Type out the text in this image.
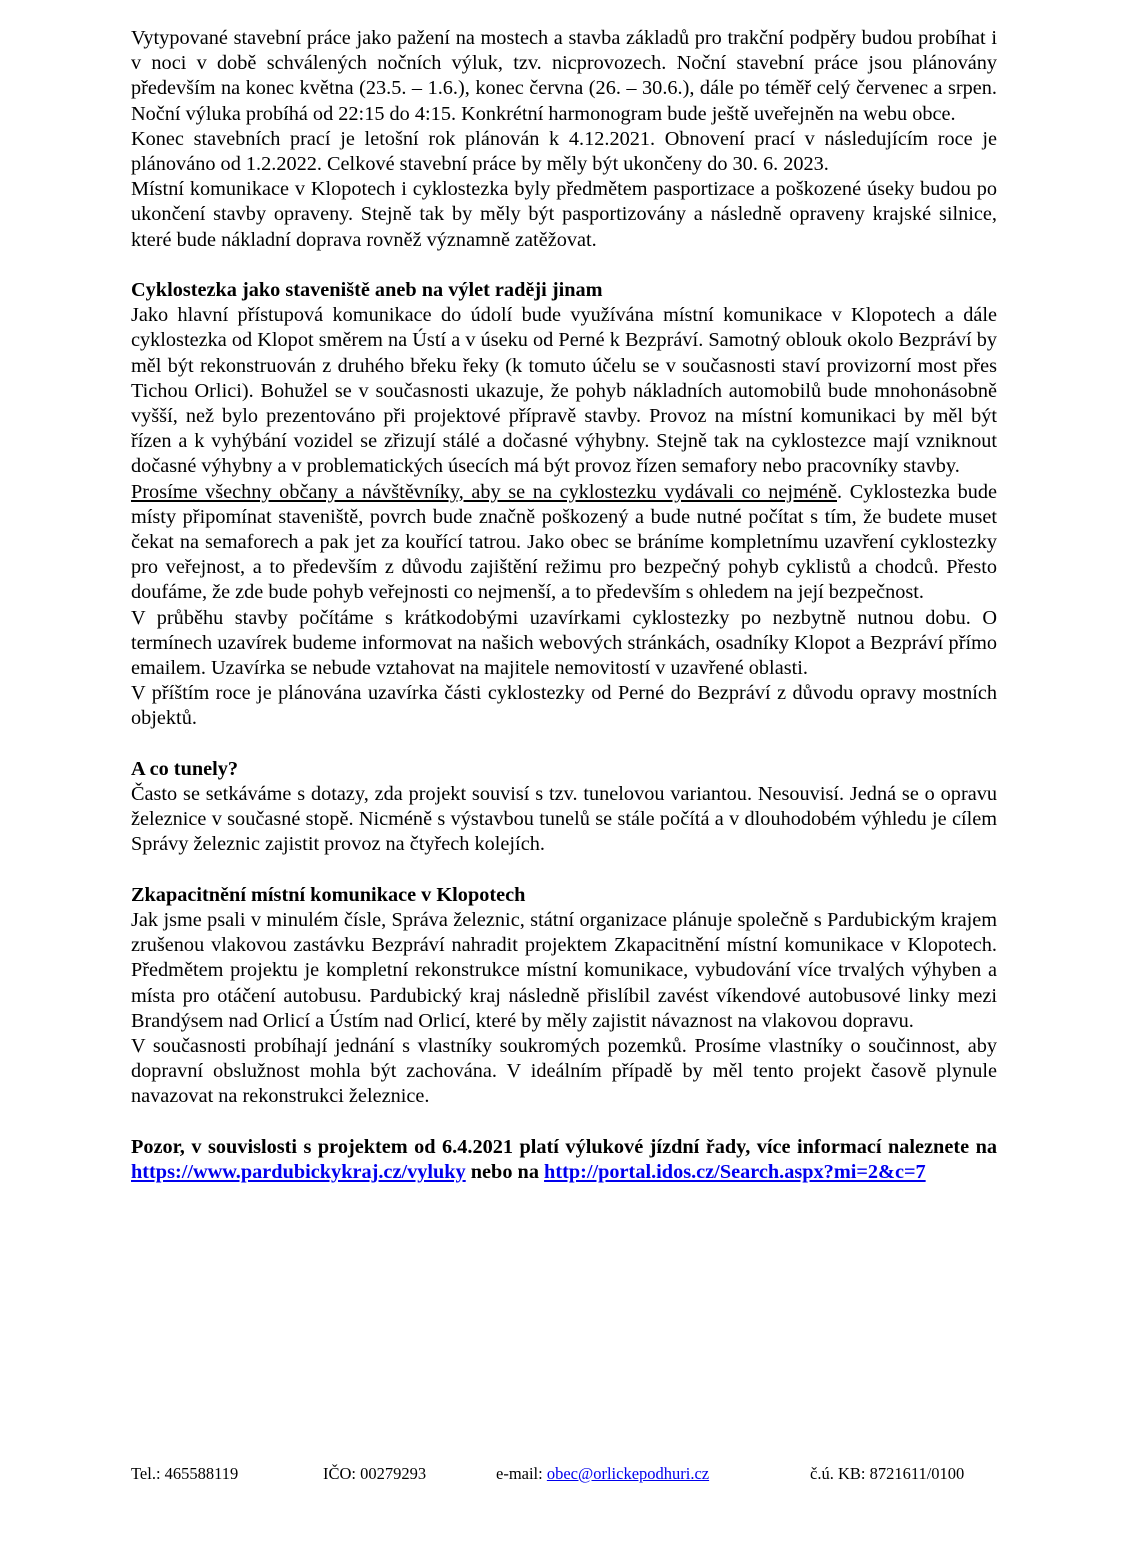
Vytypované stavební práce jako pažení na mostech a stavba základů pro trakční podpěry budou probíhat i v noci v době schválených nočních výluk, tzv. nicprovozech. Noční stavební práce jsou plánovány především na konec května (23.5. – 1.6.), konec června (26. – 30.6.), dále po téměř celý červenec a srpen. Noční výluka probíhá od 22:15 do 4:15. Konkrétní harmonogram bude ještě uveřejněn na webu obce.

Konec stavebních prací je letošní rok plánován k 4.12.2021. Obnovení prací v následujícím roce je plánováno od 1.2.2022. Celkové stavební práce by měly být ukončeny do 30. 6. 2023.

Místní komunikace v Klopotech i cyklostezka byly předmětem pasportizace a poškozené úseky budou po ukončení stavby opraveny. Stejně tak by měly být pasportizovány a následně opraveny krajské silnice, které bude nákladní doprava rovněž významně zatěžovat.

Cyklostezka jako staveniště aneb na výlet raději jinam

Jako hlavní přístupová komunikace do údolí bude využívána místní komunikace v Klopotech a dále cyklostezka od Klopot směrem na Ústí a v úseku od Perné k Bezpráví. Samotný oblouk okolo Bezpráví by měl být rekonstruován z druhého břeku řeky (k tomuto účelu se v současnosti staví provizorní most přes Tichou Orlici). Bohužel se v současnosti ukazuje, že pohyb nákladních automobilů bude mnohonásobně vyšší, než bylo prezentováno při projektové přípravě stavby. Provoz na místní komunikaci by měl být řízen a k vyhýbání vozidel se zřizují stálé a dočasné výhybny. Stejně tak na cyklostezce mají vzniknout dočasné výhybny a v problematických úsecích má být provoz řízen semafory nebo pracovníky stavby.

Prosíme všechny občany a návštěvníky, aby se na cyklostezku vydávali co nejméně. Cyklostezka bude místy připomínat staveniště, povrch bude značně poškozený a bude nutné počítat s tím, že budete muset čekat na semaforech a pak jet za kouřící tatrou. Jako obec se bráníme kompletnímu uzavření cyklostezky pro veřejnost, a to především z důvodu zajištění režimu pro bezpečný pohyb cyklistů a chodců. Přesto doufáme, že zde bude pohyb veřejnosti co nejmenší, a to především s ohledem na její bezpečnost.

V průběhu stavby počítáme s krátkodobými uzavírkami cyklostezky po nezbytně nutnou dobu. O termínech uzavírek budeme informovat na našich webových stránkách, osadníky Klopot a Bezpráví přímo emailem. Uzavírka se nebude vztahovat na majitele nemovitostí v uzavřené oblasti.

V příštím roce je plánována uzavírka části cyklostezky od Perné do Bezpráví z důvodu opravy mostních objektů.

A co tunely?

Často se setkáváme s dotazy, zda projekt souvisí s tzv. tunelovou variantou. Nesouvisí. Jedná se o opravu železnice v současné stopě. Nicméně s výstavbou tunelů se stále počítá a v dlouhodobém výhledu je cílem Správy železnic zajistit provoz na čtyřech kolejích.

Zkapacitnění místní komunikace v Klopotech

Jak jsme psali v minulém čísle, Správa železnic, státní organizace plánuje společně s Pardubickým krajem zrušenou vlakovou zastávku Bezpráví nahradit projektem Zkapacitnění místní komunikace v Klopotech. Předmětem projektu je kompletní rekonstrukce místní komunikace, vybudování více trvalých výhyben a místa pro otáčení autobusu. Pardubický kraj následně přislíbil zavést víkendové autobusové linky mezi Brandýsem nad Orlicí a Ústím nad Orlicí, které by měly zajistit návaznost na vlakovou dopravu.

V současnosti probíhají jednání s vlastníky soukromých pozemků. Prosíme vlastníky o součinnost, aby dopravní obslužnost mohla být zachována. V ideálním případě by měl tento projekt časově plynule navazovat na rekonstrukci železnice.

Pozor, v souvislosti s projektem od 6.4.2021 platí výlukové jízdní řady, více informací naleznete na https://www.pardubickykraj.cz/vyluky nebo na http://portal.idos.cz/Search.aspx?mi=2&c=7

Tel.: 465588119	IČO: 00279293	e-mail: obec@orlickepodhuri.cz	č.ú. KB: 8721611/0100
